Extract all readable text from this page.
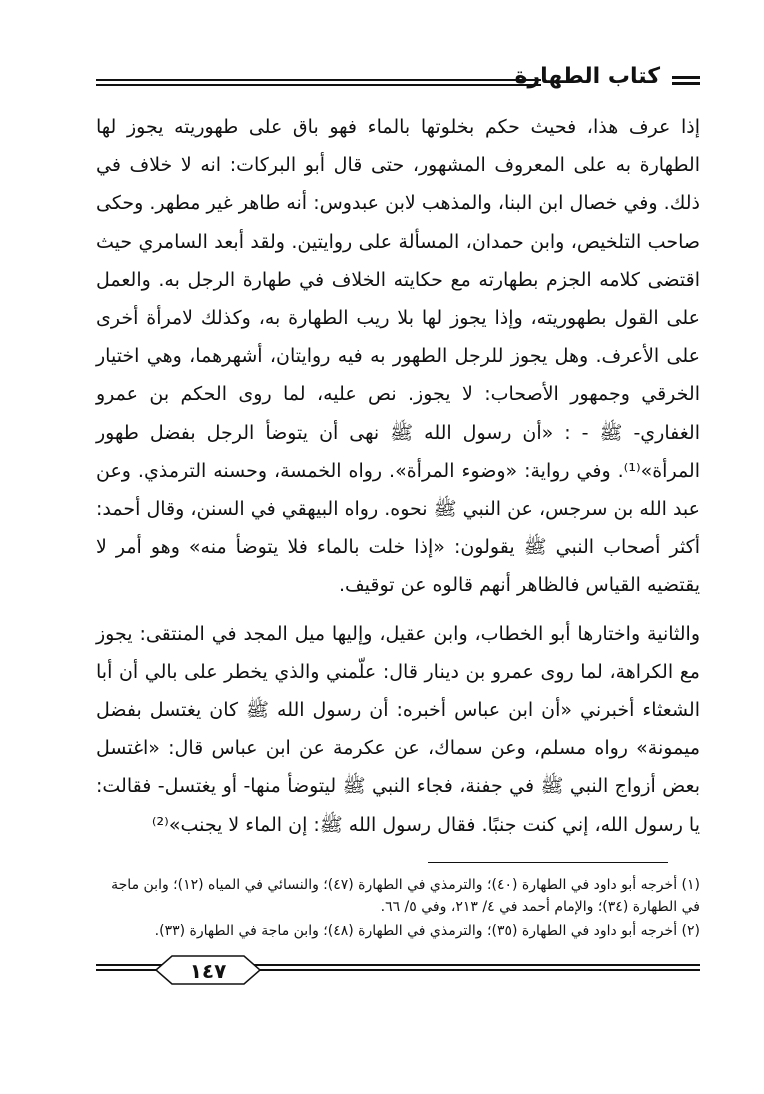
كتاب الطهارة

إذا عرف هذا، فحيث حكم بخلوتها بالماء فهو باق على طهوريته يجوز لها الطهارة به على المعروف المشهور، حتى قال أبو البركات: انه لا خلاف في ذلك. وفي خصال ابن البنا، والمذهب لابن عبدوس: أنه طاهر غير مطهر. وحكى صاحب التلخيص، وابن حمدان، المسألة على روايتين. ولقد أبعد السامري حيث اقتضى كلامه الجزم بطهارته مع حكايته الخلاف في طهارة الرجل به. والعمل على القول بطهوريته، وإذا يجوز لها بلا ريب الطهارة به، وكذلك لامرأة أخرى على الأعرف. وهل يجوز للرجل الطهور به فيه روايتان، أشهرهما، وهي اختيار الخرقي وجمهور الأصحاب: لا يجوز. نص عليه، لما روى الحكم بن عمرو الغفاري- ﷺ - : «أن رسول الله ﷺ نهى أن يتوضأ الرجل بفضل طهور المرأة»⁽¹⁾. وفي رواية: «وضوء المرأة». رواه الخمسة، وحسنه الترمذي. وعن عبد الله بن سرجس، عن النبي ﷺ نحوه. رواه البيهقي في السنن، وقال أحمد: أكثر أصحاب النبي ﷺ يقولون: «إذا خلت بالماء فلا يتوضأ منه» وهو أمر لا يقتضيه القياس فالظاهر أنهم قالوه عن توقيف.

والثانية واختارها أبو الخطاب، وابن عقيل، وإليها ميل المجد في المنتقى: يجوز مع الكراهة، لما روى عمرو بن دينار قال: علّمني والذي يخطر على بالي أن أبا الشعثاء أخبرني «أن ابن عباس أخبره: أن رسول الله ﷺ كان يغتسل بفضل ميمونة» رواه مسلم، وعن سماك، عن عكرمة عن ابن عباس قال: «اغتسل بعض أزواج النبي ﷺ في جفنة، فجاء النبي ﷺ ليتوضأ منها- أو يغتسل- فقالت: يا رسول الله، إني كنت جنبًا. فقال رسول الله ﷺ: إن الماء لا يجنب»⁽²⁾

(١) أخرجه أبو داود في الطهارة (٤٠)؛ والترمذي في الطهارة (٤٧)؛ والنسائي في المياه (١٢)؛ وابن ماجة في الطهارة (٣٤)؛ والإمام أحمد في ٤/ ٢١٣، وفي ٥/ ٦٦.

(٢) أخرجه أبو داود في الطهارة (٣٥)؛ والترمذي في الطهارة (٤٨)؛ وابن ماجة في الطهارة (٣٣).

١٤٧
